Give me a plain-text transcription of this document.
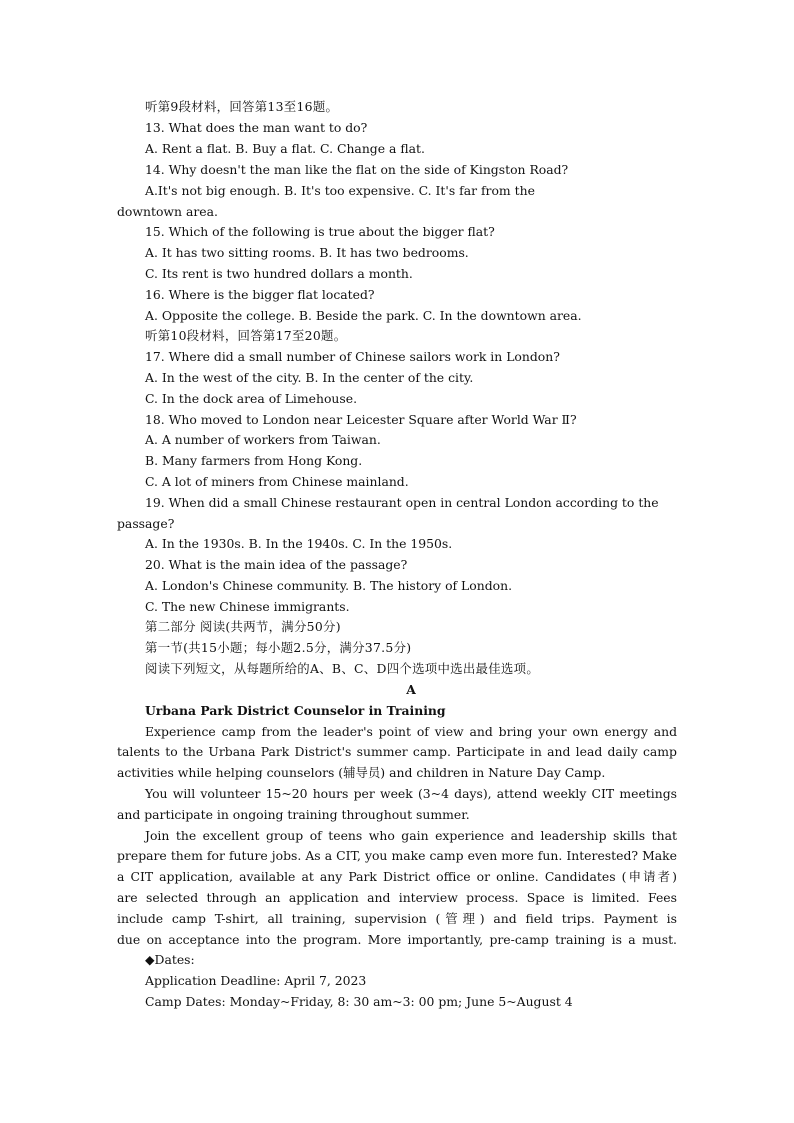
听第9段材料，回答第13至16题。
13. What does the man want to do?
A. Rent a flat. B. Buy a flat. C. Change a flat.
14. Why doesn't the man like the flat on the side of Kingston Road?
A.It's not big enough. B. It's too expensive. C. It's far from the
downtown area.
15. Which of the following is true about the bigger flat?
A. It has two sitting rooms. B. It has two bedrooms.
C. Its rent is two hundred dollars a month.
16. Where is the bigger flat located?
A. Opposite the college. B. Beside the park. C. In the downtown area.
听第10段材料，回答第17至20题。
17. Where did a small number of Chinese sailors work in London?
A. In the west of the city. B. In the center of the city.
C. In the dock area of Limehouse.
18. Who moved to London near Leicester Square after World War Ⅱ?
A. A number of workers from Taiwan.
B. Many farmers from Hong Kong.
C. A lot of miners from Chinese mainland.
19. When did a small Chinese restaurant open in central London according to the
passage?
A. In the 1930s. B. In the 1940s. C. In the 1950s.
20. What is the main idea of the passage?
A. London's Chinese community. B. The history of London.
C. The new Chinese immigrants.
第二部分 阅读(共两节，满分50分)
第一节(共15小题；每小题2.5分，满分37.5分)
阅读下列短文，从每题所给的A、B、C、D四个选项中选出最佳选项。
A
Urbana Park District Counselor in Training
Experience camp from the leader's point of view and bring your own energy and
talents to the Urbana Park District's summer camp. Participate in and lead daily camp
activities while helping counselors (辅导员) and children in Nature Day Camp.
You will volunteer 15~20 hours per week (3~4 days), attend weekly CIT meetings
and participate in ongoing training throughout summer.
Join the excellent group of teens who gain experience and leadership skills that
prepare them for future jobs. As a CIT, you make camp even more fun. Interested? Make
a CIT application, available at any Park District office or online. Candidates (申请者)
are selected through an application and interview process. Space is limited. Fees
include camp T-shirt, all training, supervision (管理) and field trips. Payment is
due on acceptance into the program. More importantly, pre-camp training is a must.
◆Dates:
Application Deadline: April 7, 2023
Camp Dates: Monday~Friday, 8: 30 am~3: 00 pm; June 5~August 4
